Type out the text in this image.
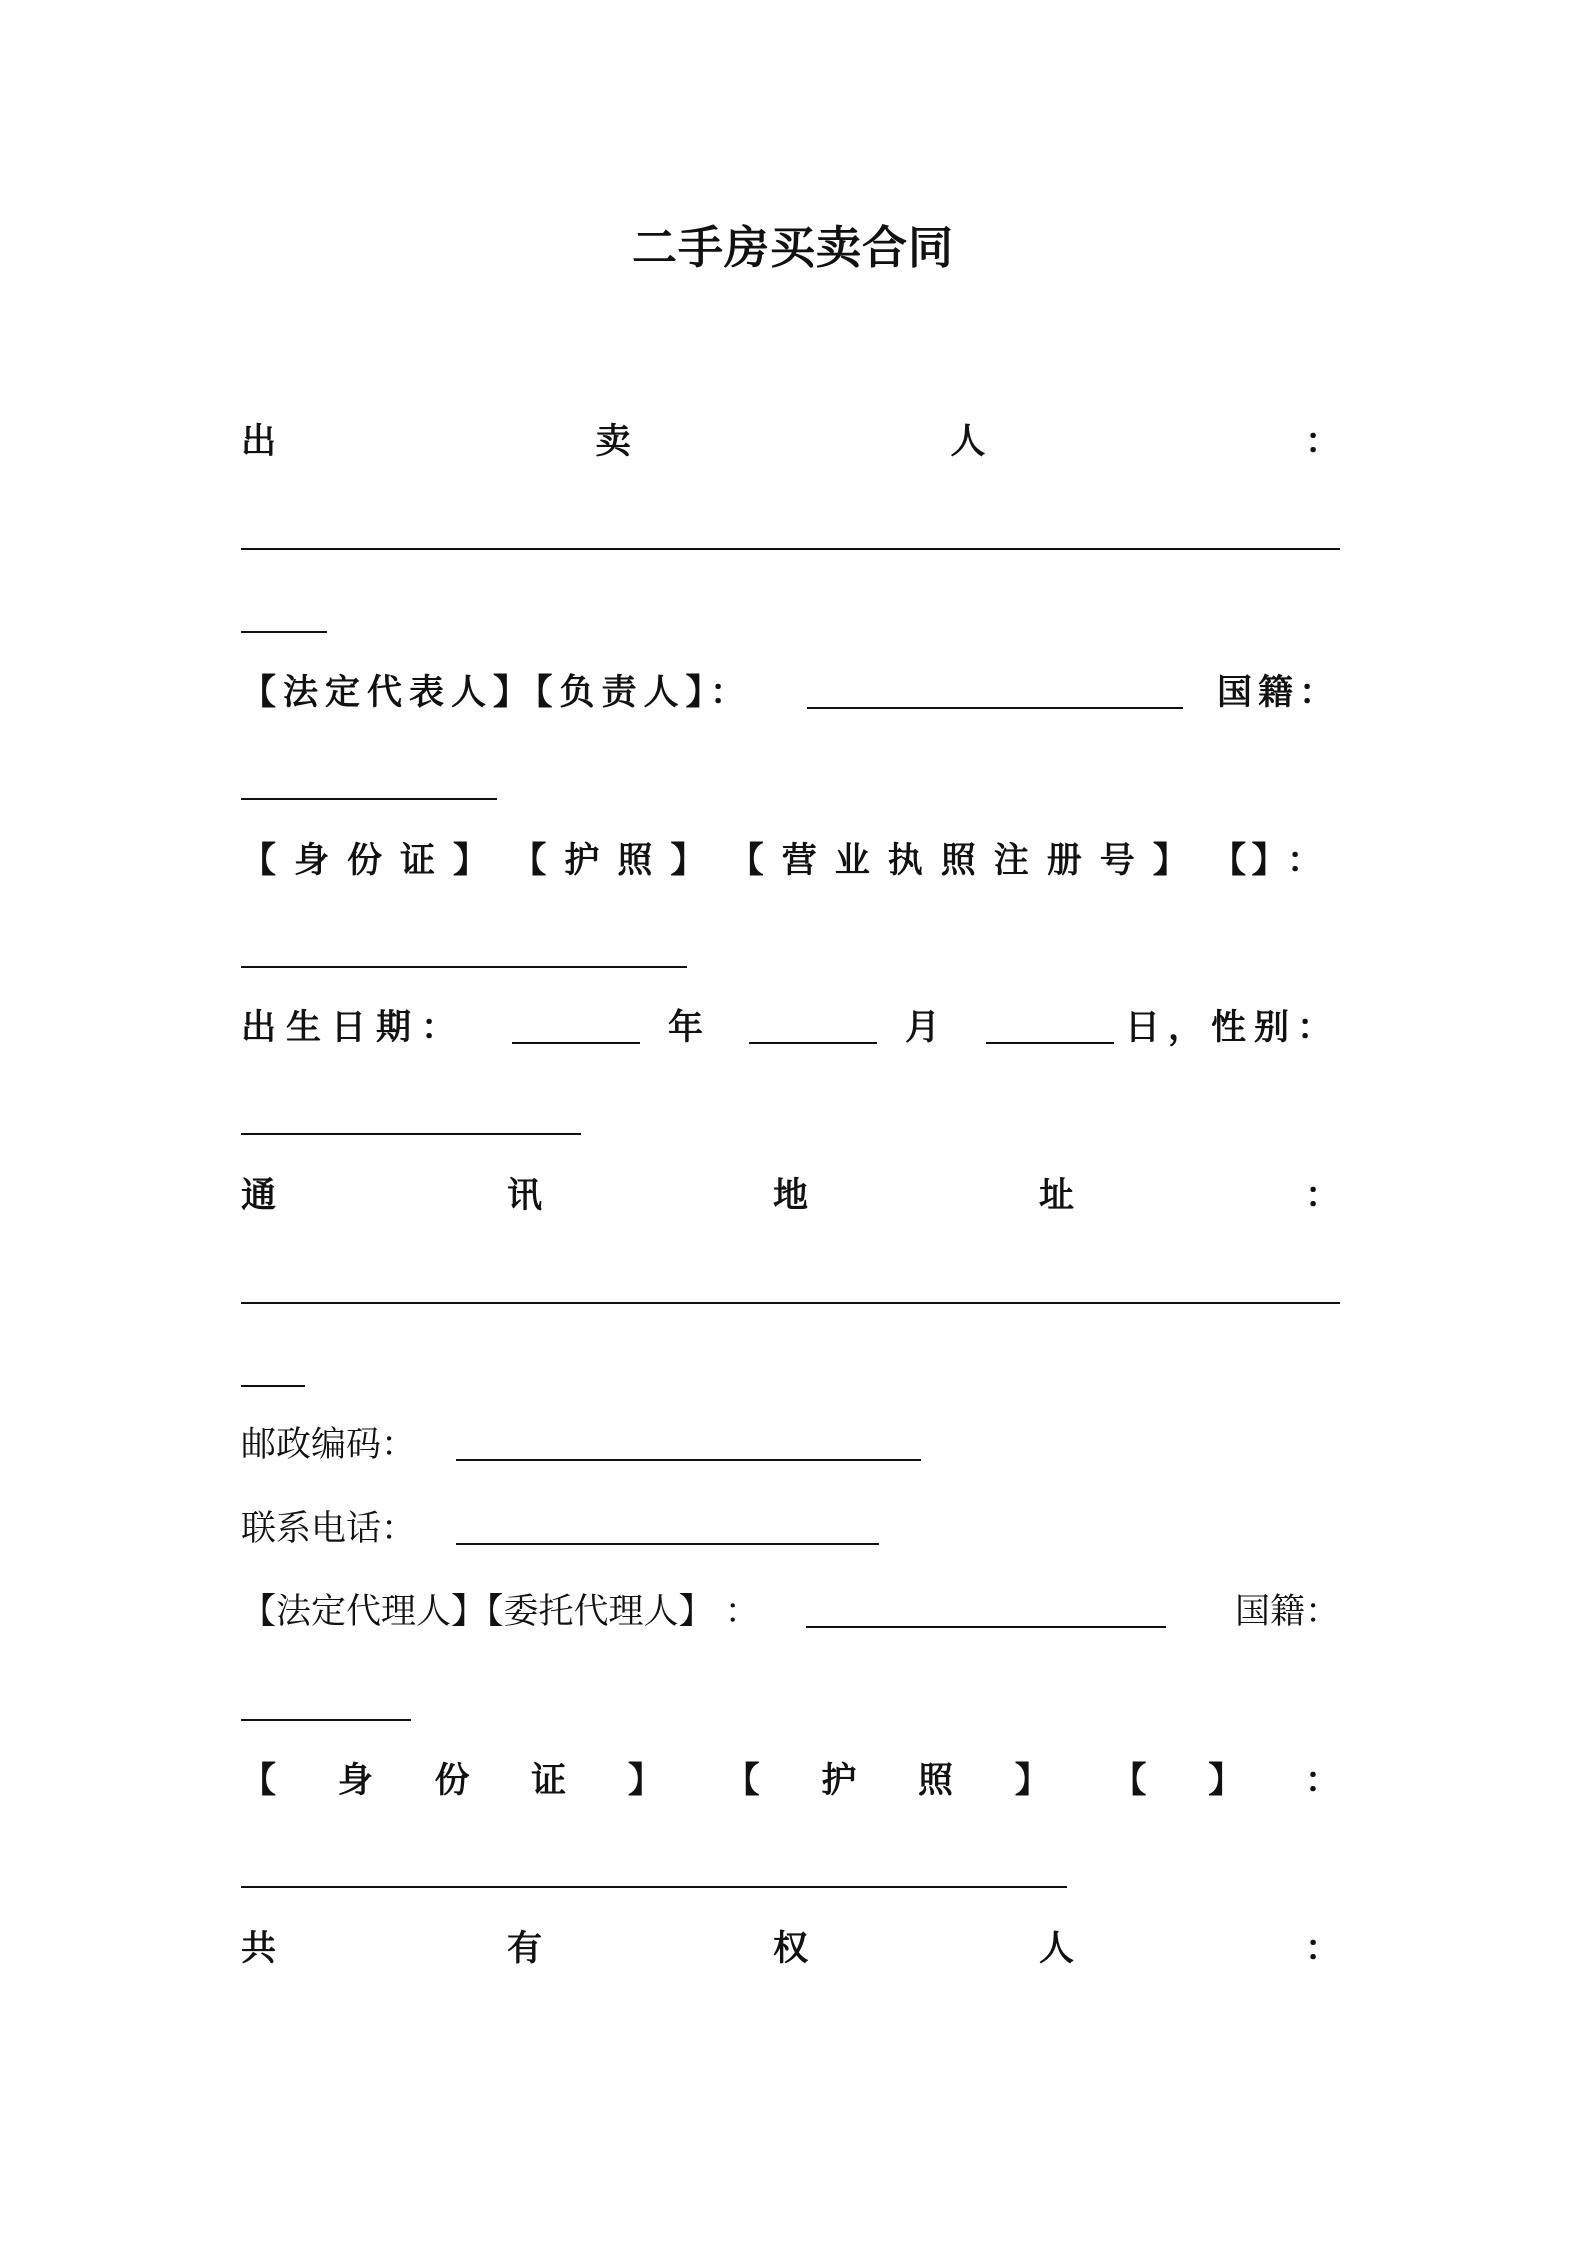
二手房买卖合同
出	卖	人	：
【法定代表人】【负责人】：	国籍：
【身份证】 【护照】 【营业执照注册号】 【 】：
出生日期：	年	月	日，性别：
通	讯	地	址	：
邮政编码：
联系电话：
【法定代理人】【委托代理人】 ：	国籍：
【 身 份 证 】 【 护 照 】 【 】 ：
共	有	权	人	：
